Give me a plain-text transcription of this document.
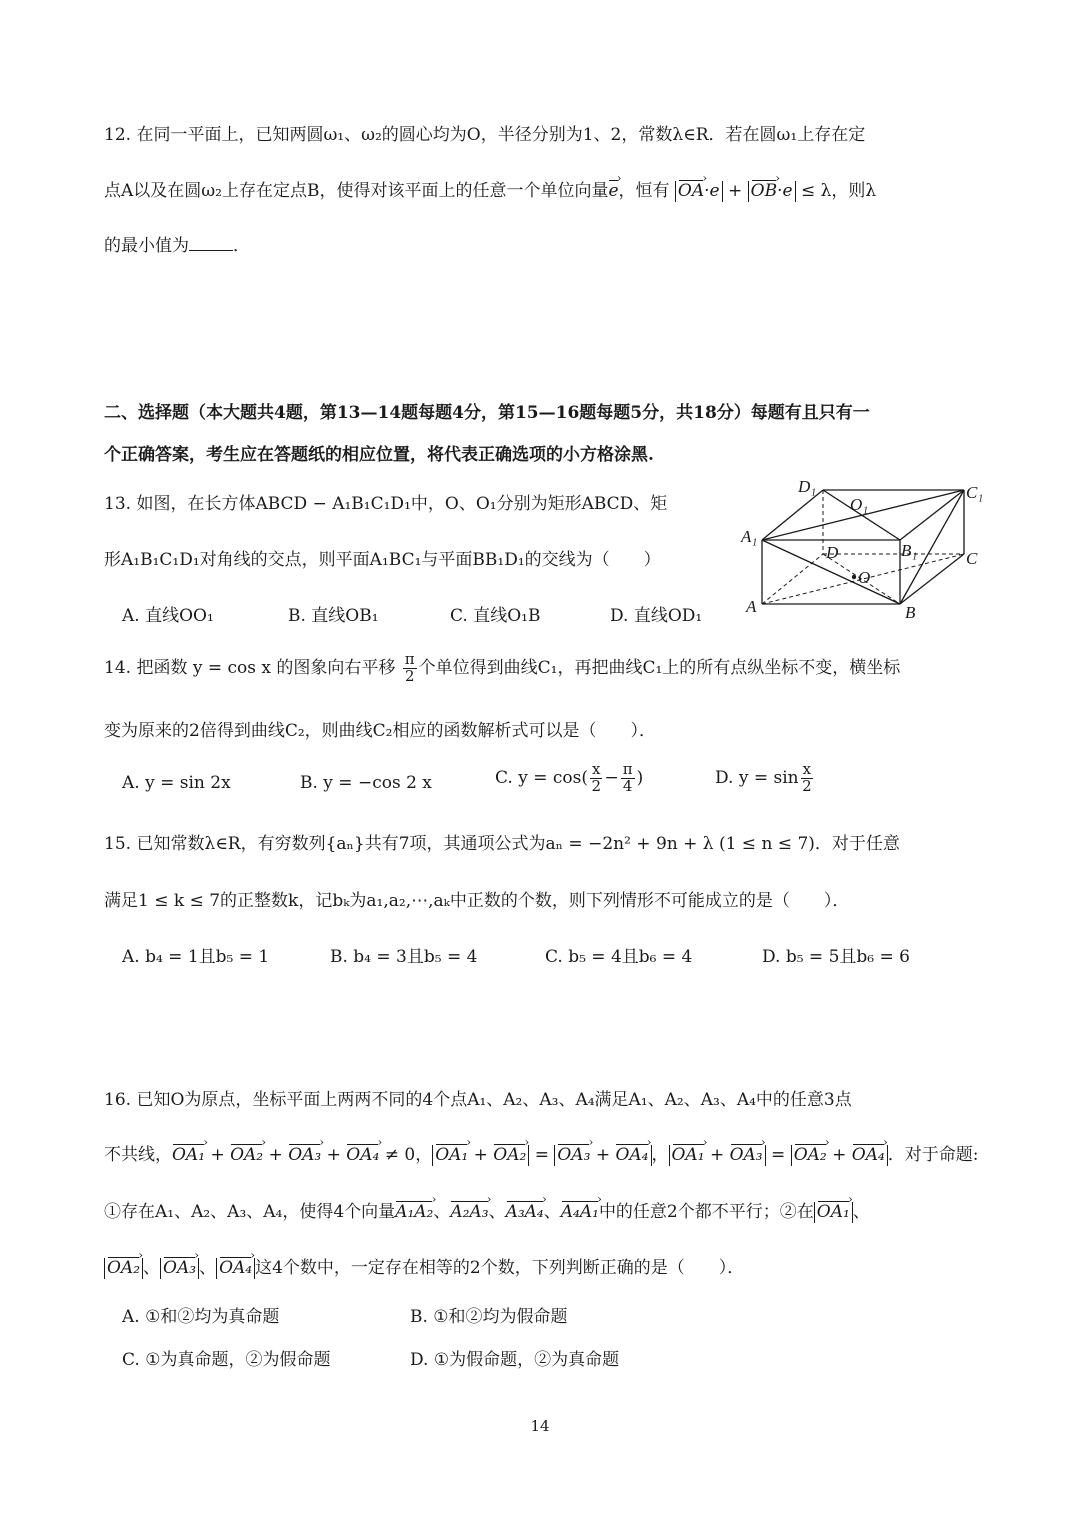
12. 在同一平面上，已知两圆ω₁、ω₂的圆心均为O，半径分别为1、2，常数λ∈R．若在圆ω₁上存在定
点A以及在圆ω₂上存在定点B，使得对该平面上的任意一个单位向量e ›，恒有 OA ›·e + OB ›·e ≤ λ，则λ
的最小值为	．
二、选择题（本大题共4题，第13—14题每题4分，第15—16题每题5分，共18分）每题有且只有一
个正确答案，考生应在答题纸的相应位置，将代表正确选项的小方格涂黑.
13. 如图，在长方体ABCD − A₁B₁C₁D₁中，O、O₁分别为矩形ABCD、矩
形A₁B₁C₁D₁对角线的交点，则平面A₁BC₁与平面BB₁D₁的交线为（　　）
A. 直线OO₁	B. 直线OB₁	C. 直线O₁B	D. 直线OD₁
D₁
O₁
C₁
A₁
D	B₁	C
O
A	B
14. 把函数 y = cos x 的图象向右平移 $\frac{\pi}{2}$ 个单位得到曲线C₁，再把曲线C₁上的所有点纵坐标不变，横坐标
变为原来的2倍得到曲线C₂，则曲线C₂相应的函数解析式可以是（　　）．
A. y = sin 2x	B. y = −cos 2 x	C. $y = \cos( \frac{x}{2} - \frac{\pi}{4}$ )	D. $y = \sin \frac{x}{2}$
15. 已知常数λ∈R，有穷数列{aₙ}共有7项，其通项公式为aₙ = −2n² + 9n + λ (1 ≤ n ≤ 7)．对于任意
满足1 ≤ k ≤ 7的正整数k，记bₖ为a₁,a₂,⋯,aₖ中正数的个数，则下列情形不可能成立的是（　　）．
A. b₄ = 1且b₅ = 1	B. b₄ = 3且b₅ = 4	C. b₅ = 4且b₆ = 4	D. b₅ = 5且b₆ = 6
16. 已知O为原点，坐标平面上两两不同的4个点A₁、A₂、A₃、A₄满足A₁、A₂、A₃、A₄中的任意3点
不共线，OA₁ › + OA₂ › + OA₃ › + OA₄ › ≠ 0， OA₁ › + OA₂ › = OA₃ › + OA₄ › ， OA₁ › + OA₃ › = OA₂ › + OA₄ › ．对于命题:
①存在A₁、A₂、A₃、A₄，使得4个向量A₁A₂ ›、A₂A₃ ›、A₃A₄ ›、A₄A₁ ›中的任意2个都不平行；②在 OA₁ › 、
OA₂ › 、 OA₃ › 、 OA₄ › 这4个数中，一定存在相等的2个数，下列判断正确的是（　　）．
A. ①和②均为真命题	B. ①和②均为假命题
C. ①为真命题，②为假命题	D. ①为假命题，②为真命题
14
